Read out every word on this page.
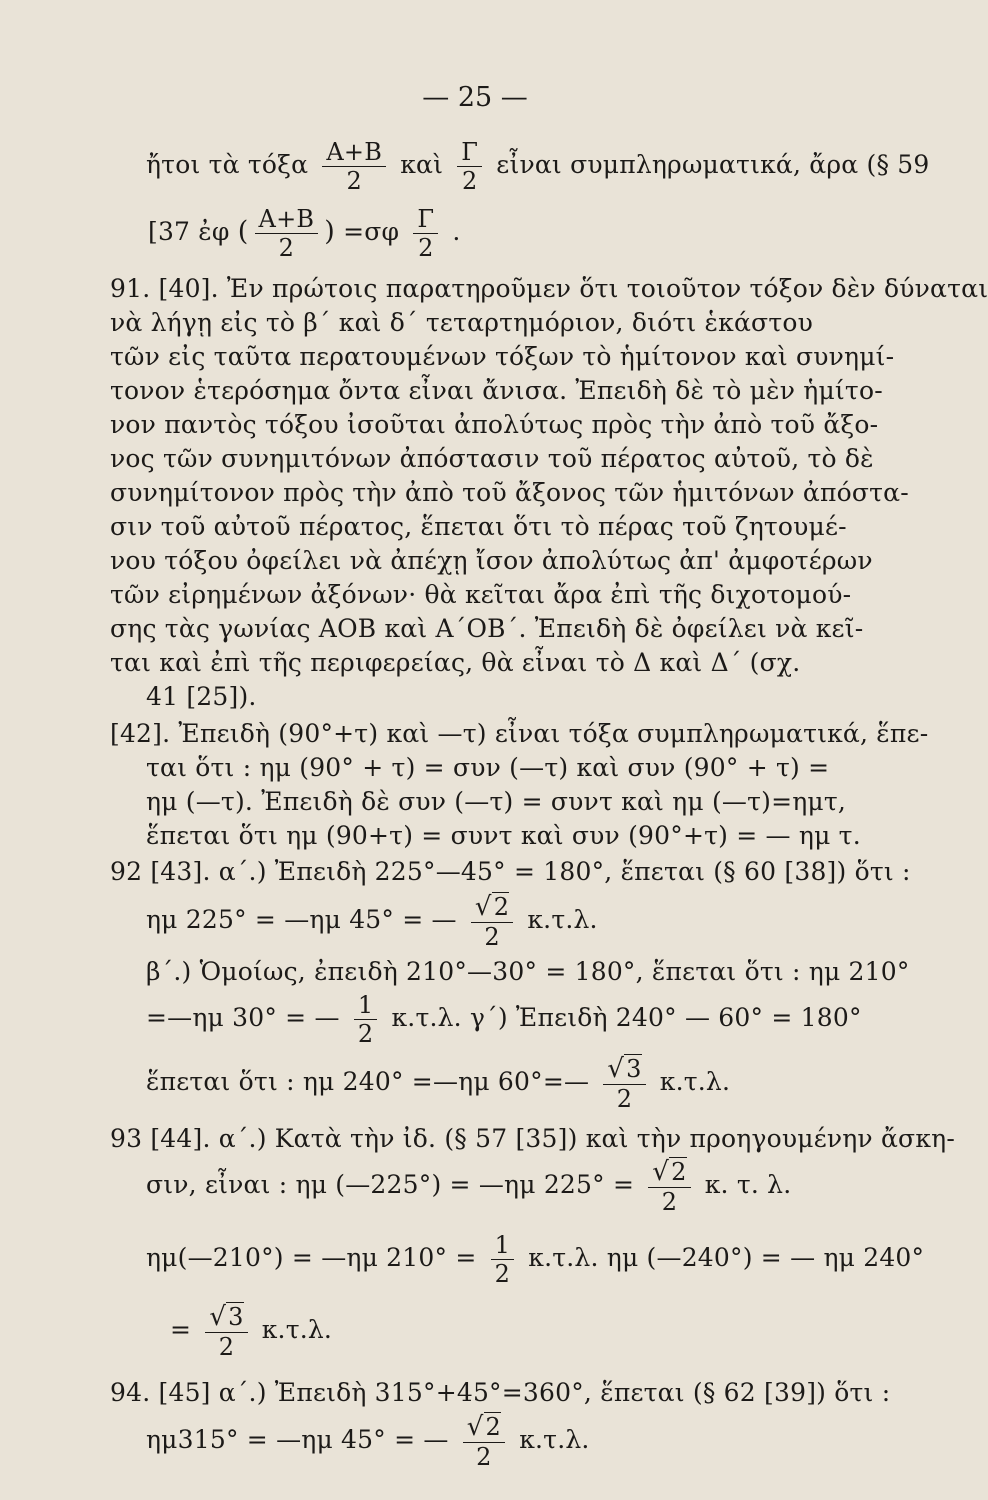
— 25 —
ἤτοι τὰ τόξα $\frac{A+B}{2}$ καὶ $\frac{\Gamma}{2}$ εἶναι συμπληρωματικά, ἄρα (§ 59
[37 ἐφ ( $\frac{A+B}{2}$ ) $=\sigma\varphi \frac{\Gamma}{2}$ .
91. [40]. Ἐν πρώτοις παρατηροῦμεν ὅτι τοιοῦτον τόξον δὲν δύναται
νὰ λήγῃ εἰς τὸ β΄ καὶ δ΄ τεταρτημόριον, διότι ἑκάστου
τῶν εἰς ταῦτα περατουμένων τόξων τὸ ἡμίτονον καὶ συνημί-
τονον ἑτερόσημα ὄντα εἶναι ἄνισα. Ἐπειδὴ δὲ τὸ μὲν ἡμίτο-
νον παντὸς τόξου ἰσοῦται ἀπολύτως πρὸς τὴν ἀπὸ τοῦ ἄξο-
νος τῶν συνημιτόνων ἀπόστασιν τοῦ πέρατος αὐτοῦ, τὸ δὲ
συνημίτονον πρὸς τὴν ἀπὸ τοῦ ἄξονος τῶν ἡμιτόνων ἀπόστα-
σιν τοῦ αὐτοῦ πέρατος, ἕπεται ὅτι τὸ πέρας τοῦ ζητουμέ-
νου τόξου ὀφείλει νὰ ἀπέχῃ ἴσον ἀπολύτως ἀπ' ἀμφοτέρων
τῶν εἰρημένων ἀξόνων· θὰ κεῖται ἄρα ἐπὶ τῆς διχοτομού-
σης τὰς γωνίας ΑΟΒ καὶ Α΄ΟΒ΄. Ἐπειδὴ δὲ ὀφείλει νὰ κεῖ-
ται καὶ ἐπὶ τῆς περιφερείας, θὰ εἶναι τὸ Δ καὶ Δ΄ (σχ.
41 [25]).
[42]. Ἐπειδὴ (90°+τ) καὶ —τ) εἶναι τόξα συμπληρωματικά, ἕπε-
ται ὅτι : ημ (90° + τ) = συν (—τ) καὶ συν (90° + τ) =
ημ (—τ). Ἐπειδὴ δὲ συν (—τ) = συντ καὶ ημ (—τ)=ημτ,
ἕπεται ὅτι ημ (90+τ) = συντ καὶ συν (90°+τ) = — ημ τ.
92 [43]. α΄.) Ἐπειδὴ 225°—45° = 180°, ἕπεται (§ 60 [38]) ὅτι :
ημ 225° = —ημ 45° = — $\frac{√2}{2} \kappa.\tau.\lambda$.
β΄.) Ὁμοίως, ἐπειδὴ 210°—30° = 180°, ἕπεται ὅτι : ημ 210°
=—ημ 30° = — $\frac{1}{2} \kappa.\tau.\lambda$. γ΄) Ἐπειδὴ 240° — 60° = 180°
ἕπεται ὅτι : ημ 240° =—ημ 60°=— $\frac{√3}{2} \kappa.\tau.\lambda$.
93 [44]. α΄.) Κατὰ τὴν ἰδ. (§ 57 [35]) καὶ τὴν προηγουμένην ἄσκη-
σιν, εἶναι : ημ (—225°) = —ημ $225^\circ = \frac{√2}{2} \kappa$. τ. λ.
ημ(—210°) = —ημ $210^\circ = \frac{1}{2} \kappa.\tau.\lambda$. ημ (—240°) = — ημ 240°
= $\frac{√3}{2} \kappa.\tau.\lambda$.
94. [45] α΄.) Ἐπειδὴ 315°+45°=360°, ἕπεται (§ 62 [39]) ὅτι :
ημ315° = —ημ 45° = — $\frac{√2}{2} \kappa.\tau.\lambda$.
